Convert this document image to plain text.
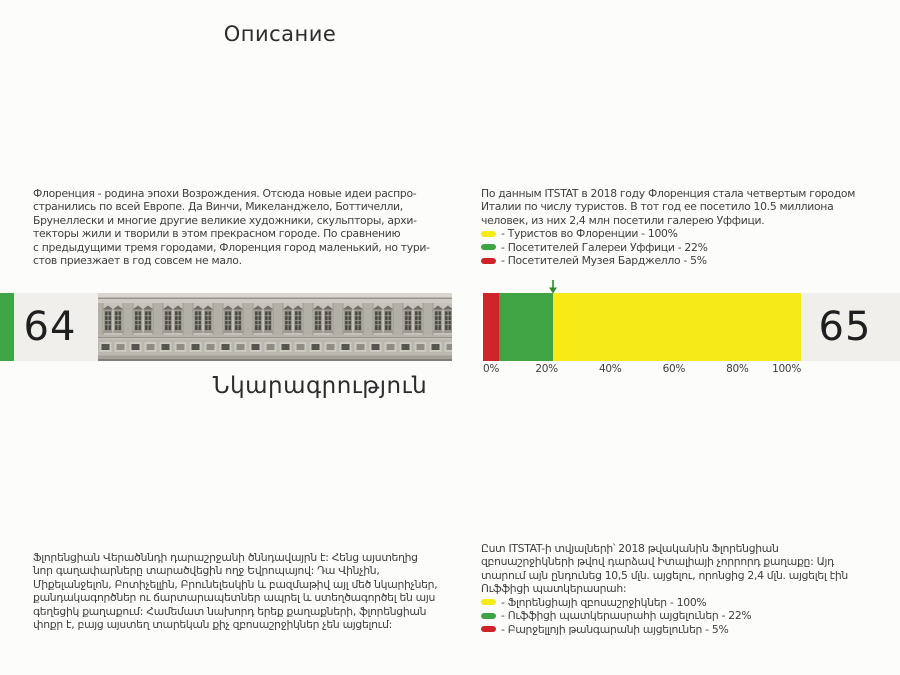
Описание
Флоренция - родина эпохи Возрождения. Отсюда новые идеи распро-
странились по всей Европе. Да Винчи, Микеланджело, Боттичелли,
Брунеллески и многие другие великие художники, скульпторы, архи-
текторы жили и творили в этом прекрасном городе. По сравнению
с предыдущими тремя городами, Флоренция город маленький, но тури-
стов приезжает в год совсем не мало.
64
Նկարագրություն
Ֆլորենցիան Վերածննդի դարաշրջանի ծննդավայրն է: Հենց այստեղից
նոր գաղափարները տարածվեցին ողջ Եվրոպայով: Դա Վինչին,
Միքելանջելոն, Բոտիչելլին, Բրունելեսկին և բազմաթիվ այլ մեծ նկարիչներ,
քանդակագործներ ու ճարտարապետներ ապրել և ստեղծագործել են այս
գեղեցիկ քաղաքում: Համեմատ նախորդ երեք քաղաքների, ֆլորենցիան
փոքր է, բայց այստեղ տարեկան քիչ զբոսաշրջիկներ չեն այցելում:
По данным ITSTAT в 2018 году Флоренция стала четвертым городом
Италии по числу туристов. В тот год ее посетило 10.5 миллиона
человек, из них 2,4 млн посетили галерею Уффици.
- Туристов во Флоренции - 100%
- Посетителей Галереи Уффици - 22%
- Посетителей Музея Барджелло - 5%
Ըստ ITSTAT-ի տվյալների՝ 2018 թվականին Ֆլորենցիան
զբոսաշրջիկների թվով դարձավ Իտալիայի չորրորդ քաղաքը: Այդ
տարում այն ընդունեց 10,5 մլն. այցելու, որոնցից 2,4 մլն. այցելել էին
Ուֆֆիցի պատկերասրահ:
- Ֆլորենցիայի զբոսաշրջիկներ - 100%
- Ուֆֆիցի պատկերասրահի այցելուներ - 22%
- Բարջելլոյի թանգարանի այցելուներ - 5%
0%	20%	40%	60%	80% 100%
65
